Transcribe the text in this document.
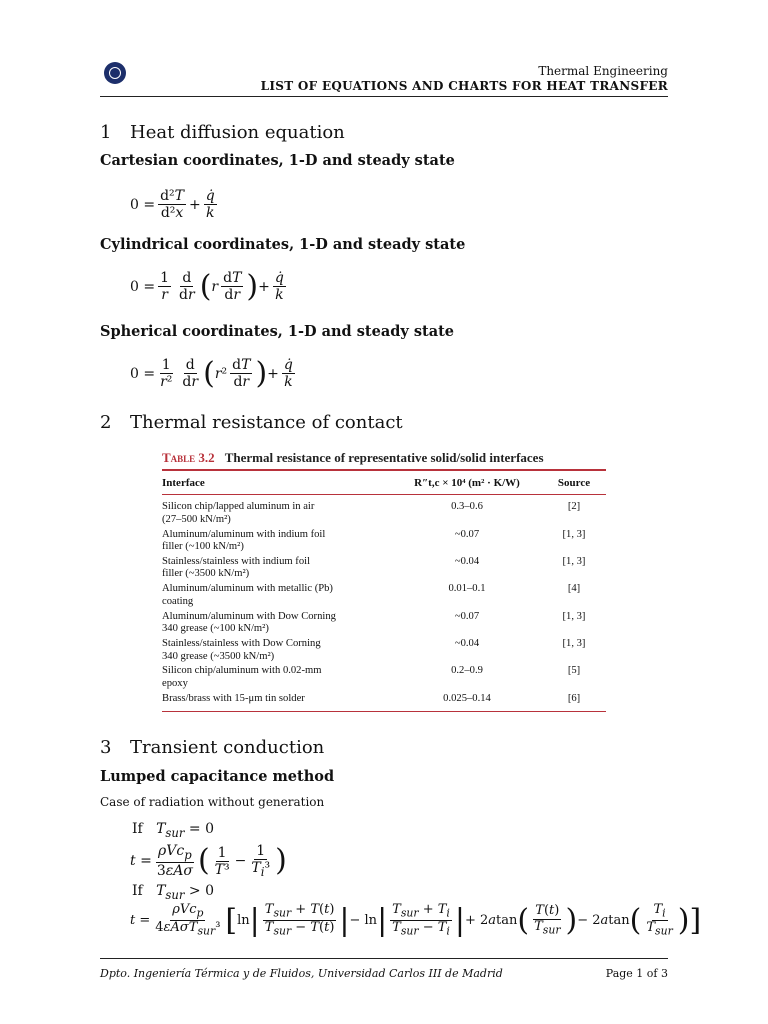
Thermal Engineering
LIST OF EQUATIONS AND CHARTS FOR HEAT TRANSFER
1 Heat diffusion equation
Cartesian coordinates, 1-D and steady state
$0 = \frac{\text{d²T}}{\text{d²x}} + \frac{q̇}{k}$
Cylindrical coordinates, 1-D and steady state
$0 = \frac{1}{r} \frac{d}{dr}$ ( r $\frac{dT}{dr}$ ) + $\frac{q̇}{k}$
Spherical coordinates, 1-D and steady state
$0 = \frac{1}{\text{r²}} \frac{d}{dr}$ ( r $^2 \frac{dT}{dr}$ ) + $\frac{q̇}{k}$
2 Thermal resistance of contact
Table 3.2 Thermal resistance of representative solid/solid interfaces
Interface	R″t,c × 10⁴ (m² · K/W)	Source
Silicon chip/lapped aluminum in air
(27–500 kN/m²)
0.3–0.6	[2]
Aluminum/aluminum with indium foil
filler (~100 kN/m²)
~0.07	[1, 3]
Stainless/stainless with indium foil
filler (~3500 kN/m²)
~0.04	[1, 3]
Aluminum/aluminum with metallic (Pb)
coating
0.01–0.1	[4]
Aluminum/aluminum with Dow Corning
340 grease (~100 kN/m²)
~0.07	[1, 3]
Stainless/stainless with Dow Corning
340 grease (~3500 kN/m²)
~0.04	[1, 3]
Silicon chip/aluminum with 0.02-mm
epoxy
0.2–0.9	[5]
Brass/brass with 15-μm tin solder	0.025–0.14	[6]
3 Transient conduction
Lumped capacitance method
Case of radiation without generation
If   $T_{sur} = 0$
$t = \frac{\rho Vc_p}{\text{3εAσ}}$ ( $\frac{1}{\text{T³}} - \frac{1}{T_i^3}$ )
If   $T_{sur} > 0$
$t = \frac{\rho Vc_p}{4\varepsilon A\sigma T_{sur}^3}$ [ ln | $\frac{T_{sur} + T(t)}{T_{sur} - T(t)}$ | − ln | $\frac{T_{sur} + T_i}{T_{sur} - T_i}$ | + 2 a tan ( $\frac{T(t)}{T_{sur}}$ ) − 2 a tan ( $\frac{T_i}{T_{sur}}$ )]
Dpto. Ingeniería Térmica y de Fluidos, Universidad Carlos III de Madrid	Page 1 of 3
